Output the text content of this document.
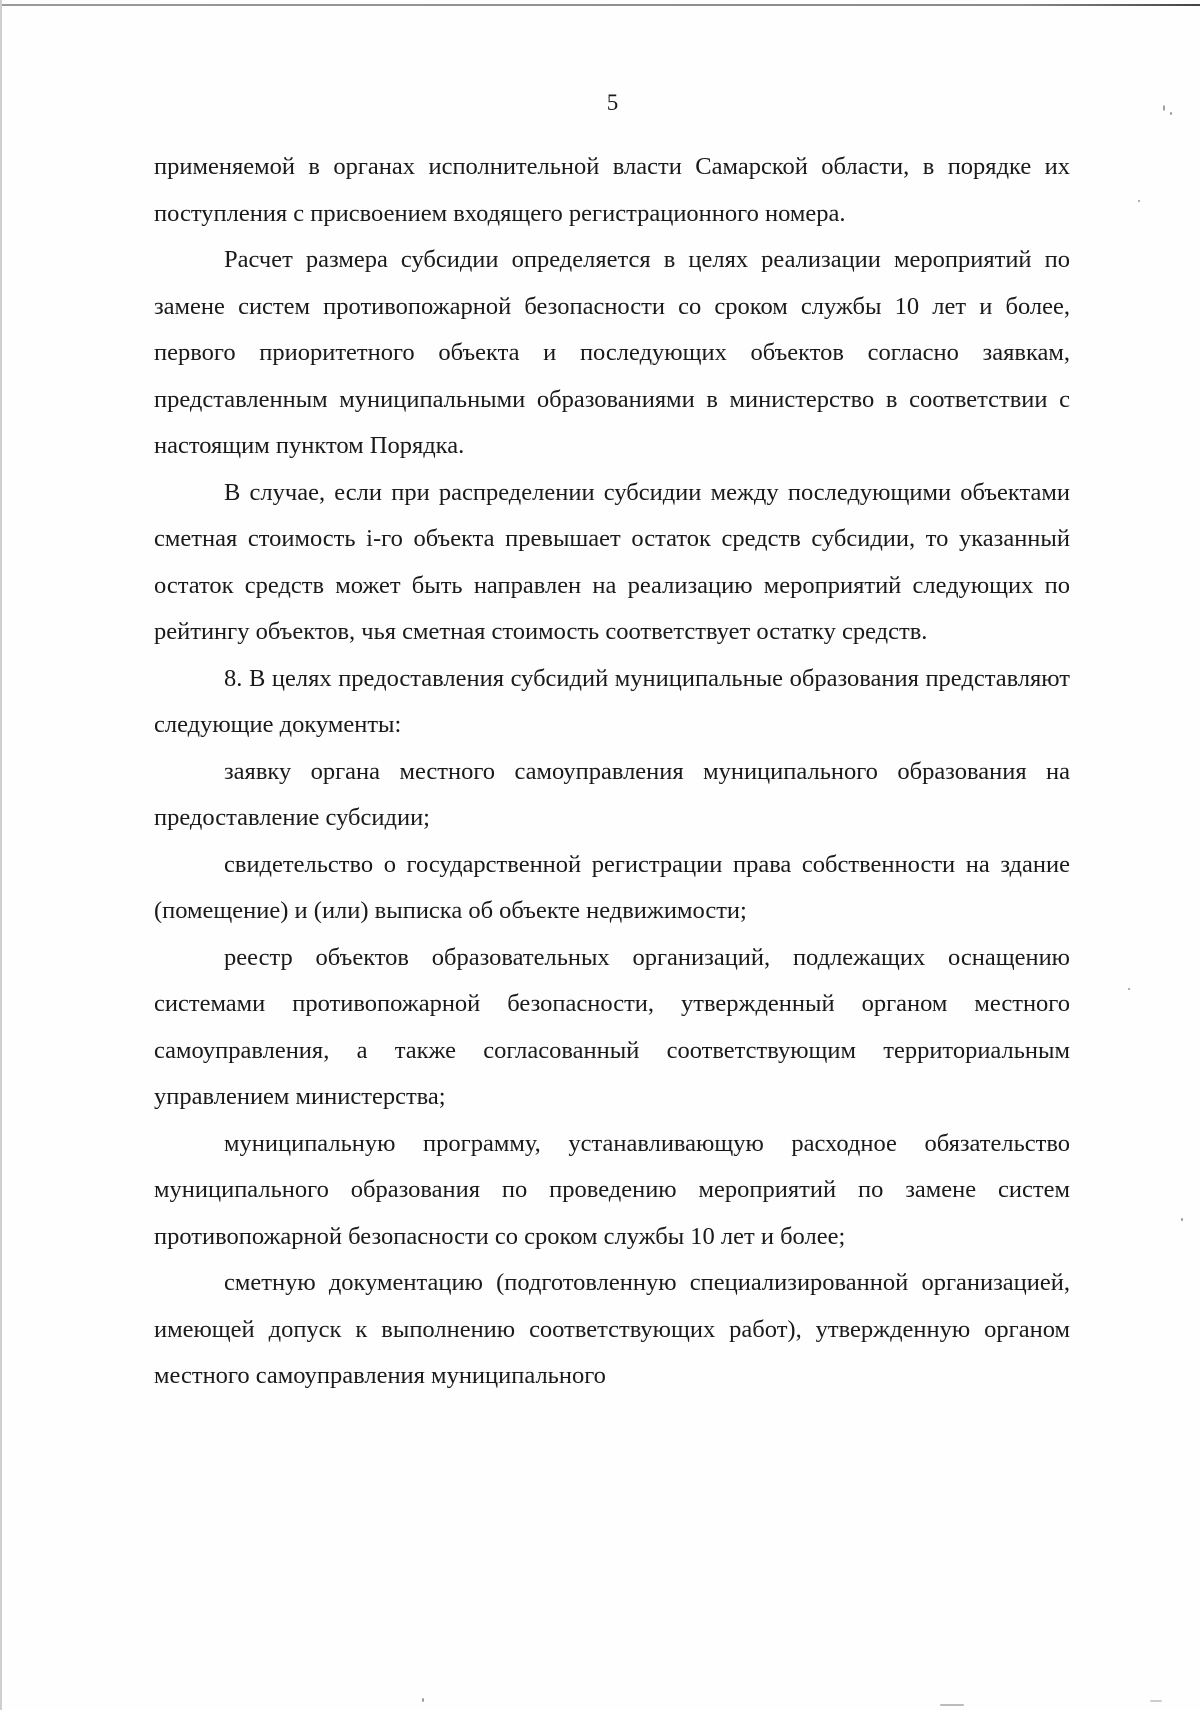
5

применяемой в органах исполнительной власти Самарской области, в порядке их поступления с присвоением входящего регистрационного номера.

Расчет размера субсидии определяется в целях реализации мероприятий по замене систем противопожарной безопасности со сроком службы 10 лет и более, первого приоритетного объекта и последующих объектов согласно заявкам, представленным муниципальными образованиями в министерство в соответствии с настоящим пунктом Порядка.

В случае, если при распределении субсидии между последующими объектами сметная стоимость i-го объекта превышает остаток средств субсидии, то указанный остаток средств может быть направлен на реализацию мероприятий следующих по рейтингу объектов, чья сметная стоимость соответствует остатку средств.

8. В целях предоставления субсидий муниципальные образования представляют следующие документы:

заявку органа местного самоуправления муниципального образования на предоставление субсидии;

свидетельство о государственной регистрации права собственности на здание (помещение) и (или) выписка об объекте недвижимости;

реестр объектов образовательных организаций, подлежащих оснащению системами противопожарной безопасности, утвержденный органом местного самоуправления, а также согласованный соответствующим территориальным управлением министерства;

муниципальную программу, устанавливающую расходное обязательство муниципального образования по проведению мероприятий по замене систем противопожарной безопасности со сроком службы 10 лет и более;

сметную документацию (подготовленную специализированной организацией, имеющей допуск к выполнению соответствующих работ), утвержденную органом местного самоуправления муниципального
